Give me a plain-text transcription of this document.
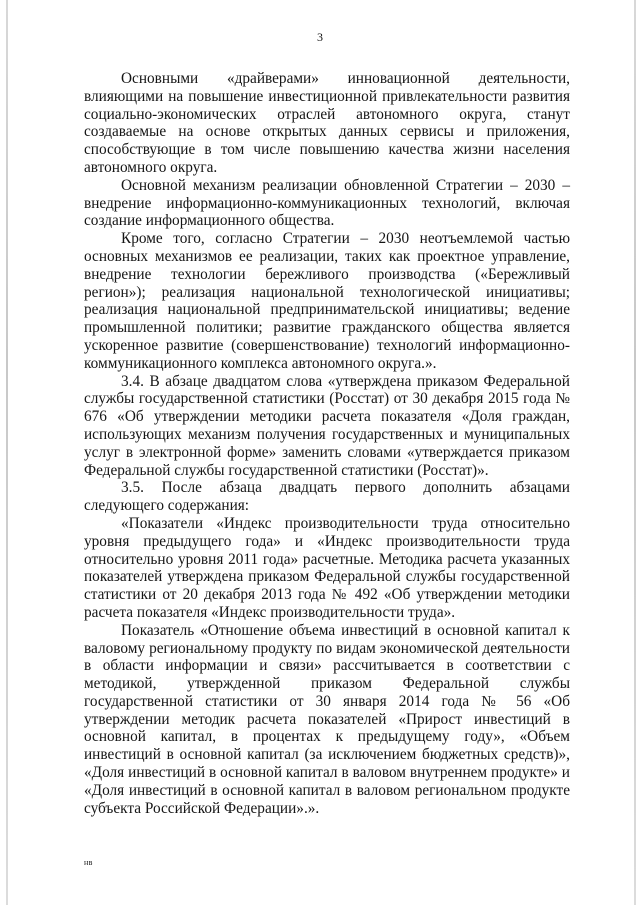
3

Основными «драйверами» инновационной деятельности, влияющими на повышение инвестиционной привлекательности развития социально-экономических отраслей автономного округа, станут создаваемые на основе открытых данных сервисы и приложения, способствующие в том числе повышению качества жизни населения автономного округа.

Основной механизм реализации обновленной Стратегии – 2030 – внедрение информационно-коммуникационных технологий, включая создание информационного общества.

Кроме того, согласно Стратегии – 2030 неотъемлемой частью основных механизмов ее реализации, таких как проектное управление, внедрение технологии бережливого производства («Бережливый регион»); реализация национальной технологической инициативы; реализация национальной предпринимательской инициативы; ведение промышленной политики; развитие гражданского общества является ускоренное развитие (совершенствование) технологий информационно-коммуникационного комплекса автономного округа.».

3.4. В абзаце двадцатом слова «утверждена приказом Федеральной службы государственной статистики (Росстат) от 30 декабря 2015 года № 676 «Об утверждении методики расчета показателя «Доля граждан, использующих механизм получения государственных и муниципальных услуг в электронной форме» заменить словами «утверждается приказом Федеральной службы государственной статистики (Росстат)».

3.5. После абзаца двадцать первого дополнить абзацами следующего содержания:

«Показатели «Индекс производительности труда относительно уровня предыдущего года» и «Индекс производительности труда относительно уровня 2011 года» расчетные. Методика расчета указанных показателей утверждена приказом Федеральной службы государственной статистики от 20 декабря 2013 года № 492 «Об утверждении методики расчета показателя «Индекс производительности труда».

Показатель «Отношение объема инвестиций в основной капитал к валовому региональному продукту по видам экономической деятельности в области информации и связи» рассчитывается в соответствии с методикой, утвержденной приказом Федеральной службы государственной статистики от 30 января 2014 года № 56 «Об утверждении методик расчета показателей «Прирост инвестиций в основной капитал, в процентах к предыдущему году», «Объем инвестиций в основной капитал (за исключением бюджетных средств)», «Доля инвестиций в основной капитал в валовом внутреннем продукте» и «Доля инвестиций в основной капитал в валовом региональном продукте субъекта Российской Федерации».».

нв
